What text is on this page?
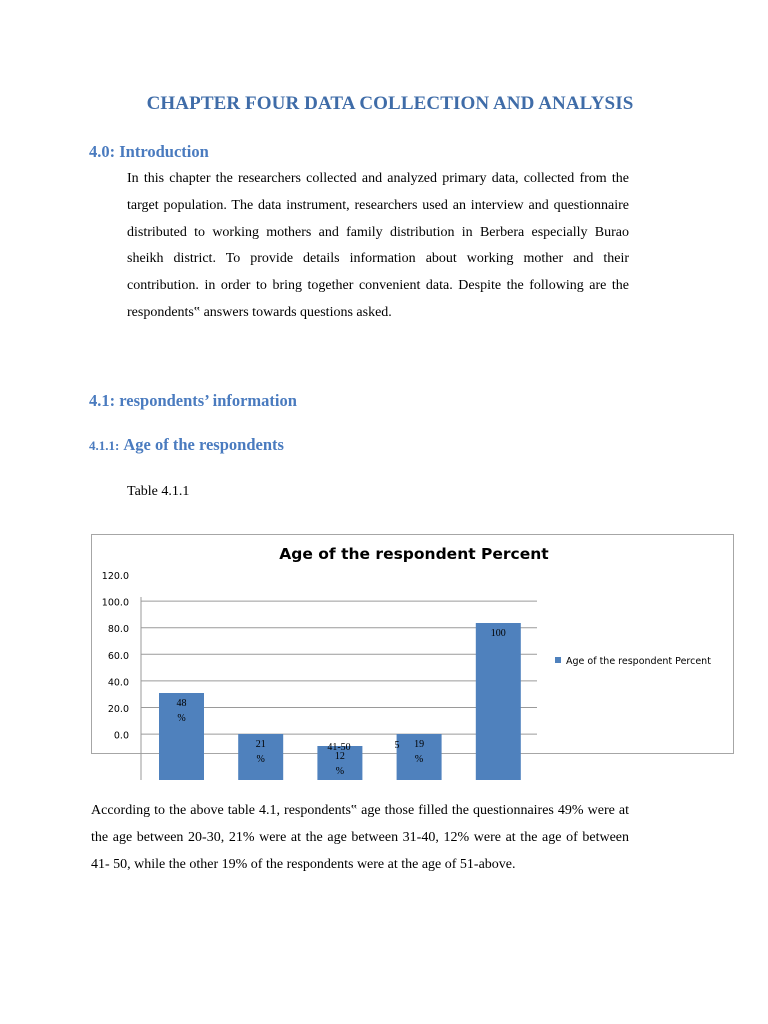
CHAPTER FOUR DATA COLLECTION AND ANALYSIS
4.0: Introduction
In this chapter the researchers collected and analyzed primary data, collected from the target population. The data instrument, researchers used an interview and questionnaire distributed to working mothers and family distribution in Berbera especially Burao sheikh district. To provide details information about working mother and their contribution. in order to bring together convenient data. Despite the following are the respondents‟ answers towards questions asked.
4.1: respondents’ information
4.1.1: Age of the respondents
Table 4.1.1
Age of the respondent Percent
120.0
100.0
80.0
60.0
40.0
20.0
0.0
48
%
21
%	12
%
19
%
100
41-50	5
Age of the respondent Percent
According to the above table 4.1, respondents‟ age those filled the questionnaires 49% were at the age between 20-30, 21% were at the age between 31-40, 12% were at the age of between 41- 50, while the other 19% of the respondents were at the age of 51-above.
